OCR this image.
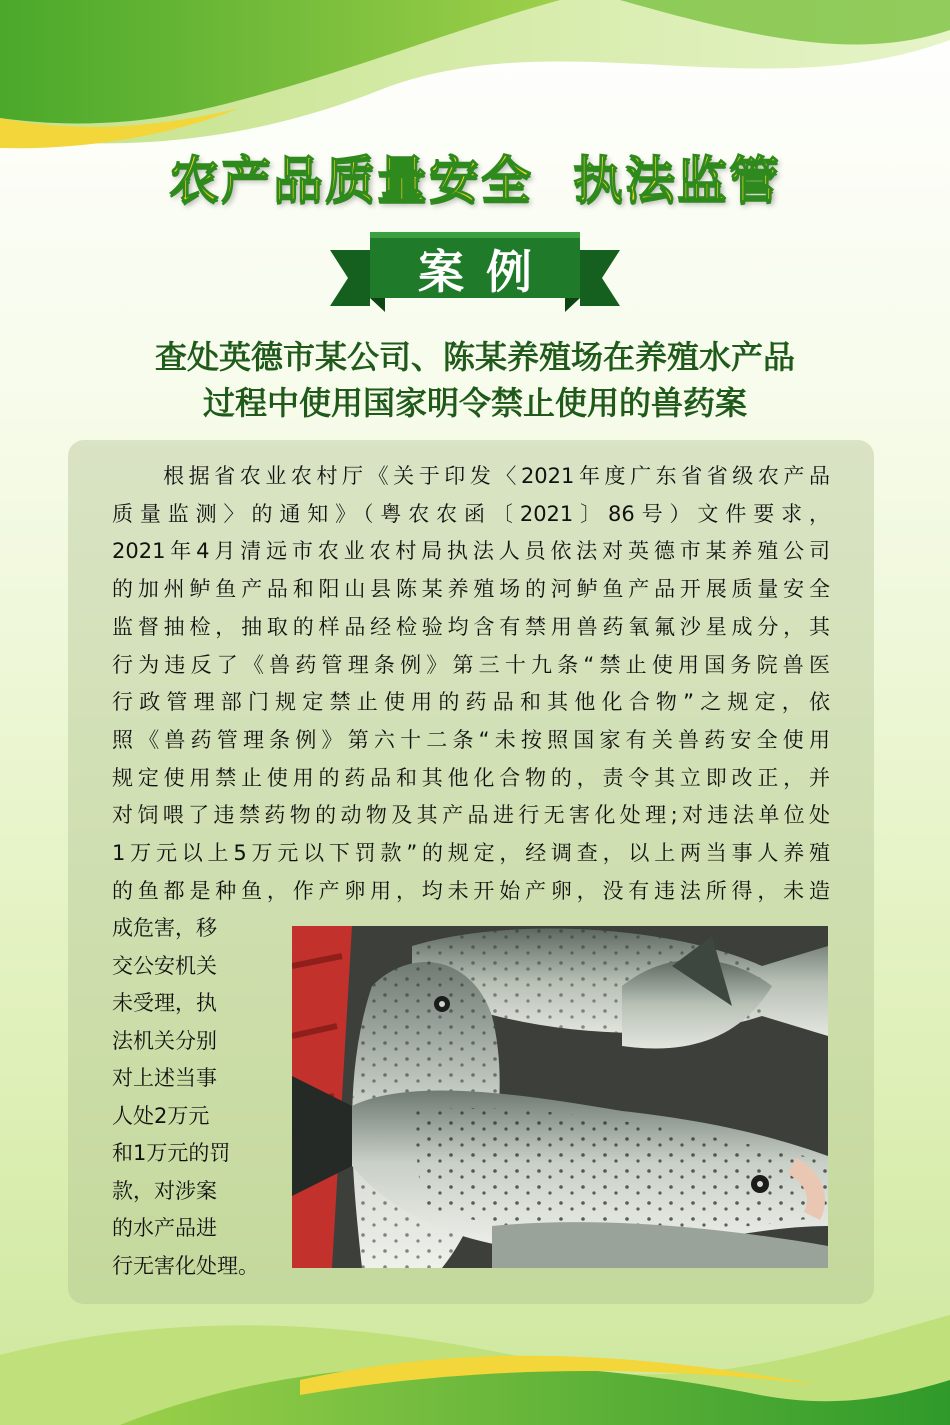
农产品质量安全 执法监管
案例
查处英德市某公司、陈某养殖场在养殖水产品
过程中使用国家明令禁止使用的兽药案
　　根据省农业农村厅《关于印发〈2021年度广东省省级农产品
质量监测〉的通知》（粤农农函〔2021〕86号）文件要求，
2021年4月清远市农业农村局执法人员依法对英德市某养殖公司
的加州鲈鱼产品和阳山县陈某养殖场的河鲈鱼产品开展质量安全
监督抽检，抽取的样品经检验均含有禁用兽药氧氟沙星成分，其
行为违反了《兽药管理条例》第三十九条“禁止使用国务院兽医
行政管理部门规定禁止使用的药品和其他化合物”之规定，依
照《兽药管理条例》第六十二条“未按照国家有关兽药安全使用
规定使用禁止使用的药品和其他化合物的，责令其立即改正，并
对饲喂了违禁药物的动物及其产品进行无害化处理;对违法单位处
1万元以上5万元以下罚款”的规定，经调查，以上两当事人养殖
的鱼都是种鱼，作产卵用，均未开始产卵，没有违法所得，未造
成危害，移
交公安机关
未受理，执
法机关分别
对上述当事
人处2万元
和1万元的罚
款，对涉案
的水产品进
行无害化处理。
